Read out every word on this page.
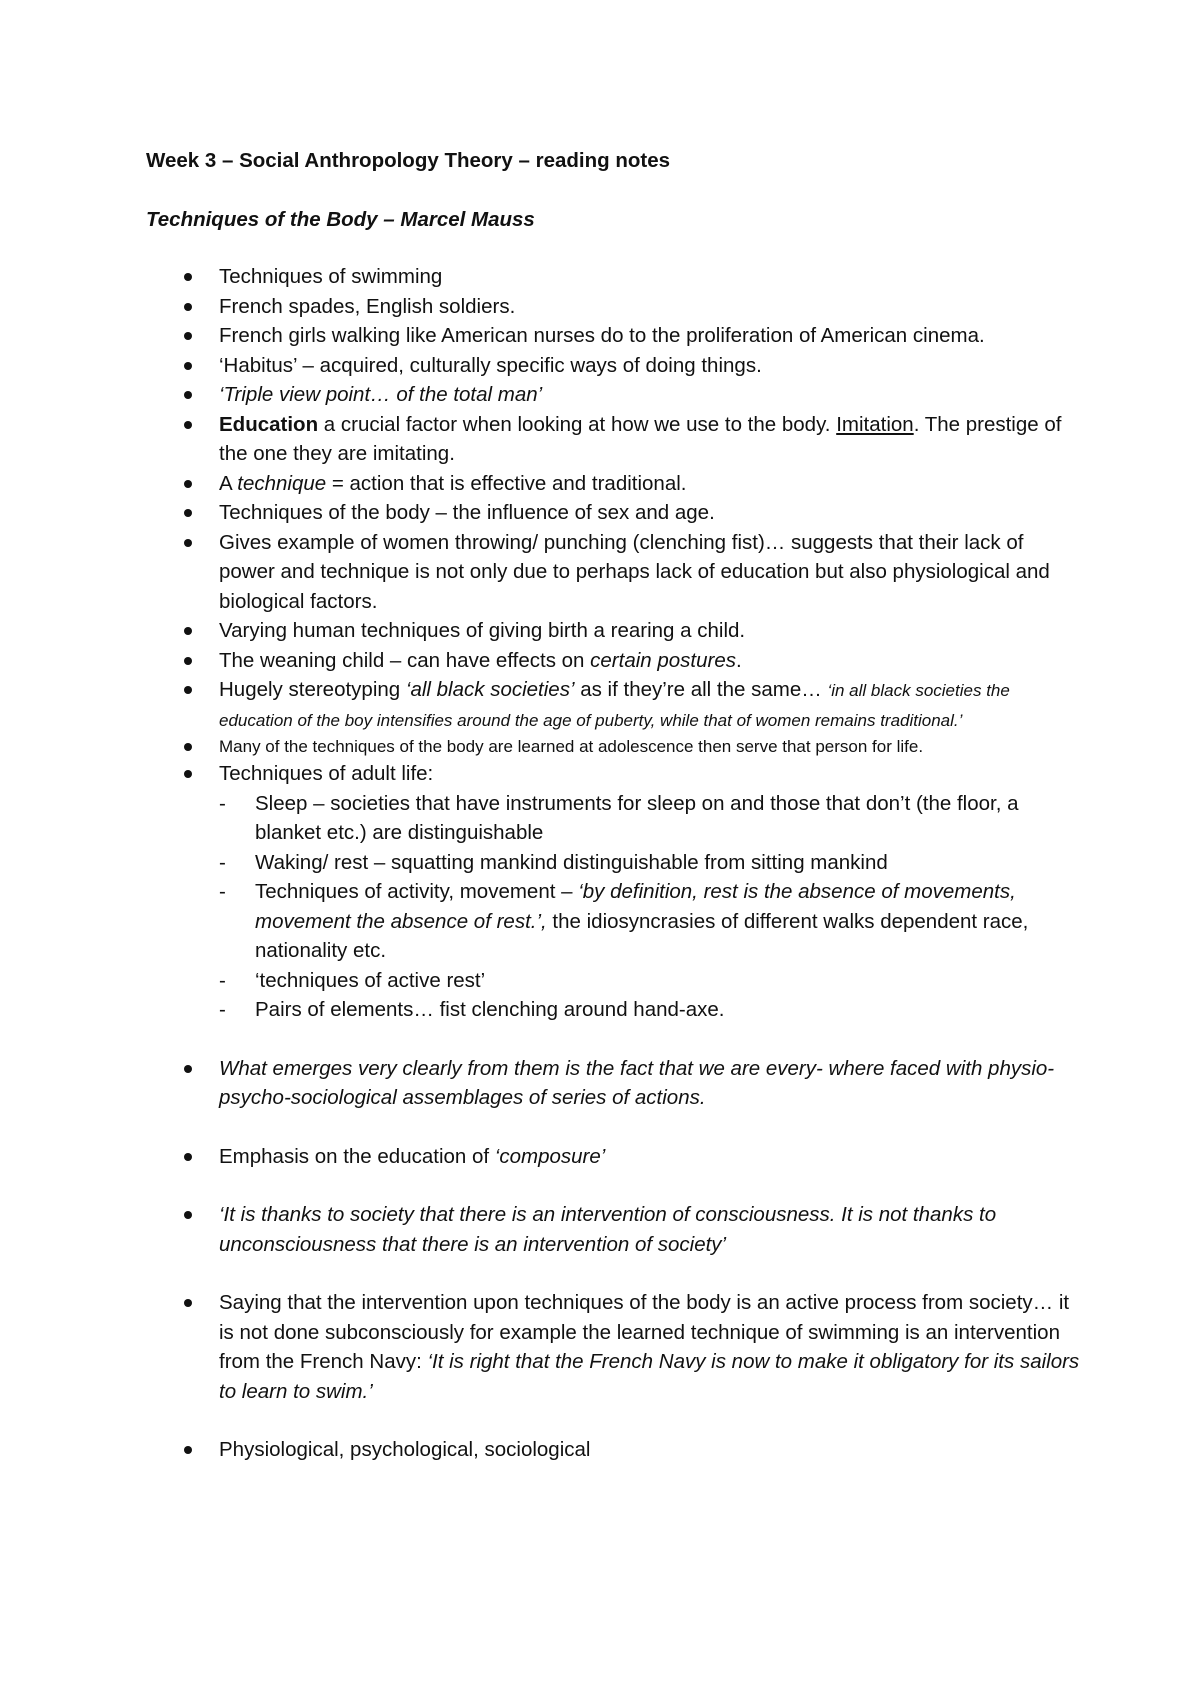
Week 3 – Social Anthropology Theory – reading notes
Techniques of the Body – Marcel Mauss
Techniques of swimming
French spades, English soldiers.
French girls walking like American nurses do to the proliferation of American cinema.
‘Habitus’ – acquired, culturally specific ways of doing things.
‘Triple view point… of the total man’
Education a crucial factor when looking at how we use to the body. Imitation. The prestige of the one they are imitating.
A technique = action that is effective and traditional.
Techniques of the body – the influence of sex and age.
Gives example of women throwing/ punching (clenching fist)… suggests that their lack of power and technique is not only due to perhaps lack of education but also physiological and biological factors.
Varying human techniques of giving birth a rearing a child.
The weaning child – can have effects on certain postures.
Hugely stereotyping ‘all black societies’ as if they’re all the same… ‘in all black societies the education of the boy intensifies around the age of puberty, while that of women remains traditional.’
Many of the techniques of the body are learned at adolescence then serve that person for life.
Techniques of adult life:
- Sleep – societies that have instruments for sleep on and those that don’t (the floor, a blanket etc.) are distinguishable
- Waking/ rest – squatting mankind distinguishable from sitting mankind
- Techniques of activity, movement – ‘by definition, rest is the absence of movements, movement the absence of rest.’, the idiosyncrasies of different walks dependent race, nationality etc.
- ‘techniques of active rest’
- Pairs of elements… fist clenching around hand-axe.
What emerges very clearly from them is the fact that we are every- where faced with physio-psycho-sociological assemblages of series of actions.
Emphasis on the education of ‘composure’
‘It is thanks to society that there is an intervention of consciousness. It is not thanks to unconsciousness that there is an intervention of society’
Saying that the intervention upon techniques of the body is an active process from society… it is not done subconsciously for example the learned technique of swimming is an intervention from the French Navy: ‘It is right that the French Navy is now to make it obligatory for its sailors to learn to swim.’
Physiological, psychological, sociological
